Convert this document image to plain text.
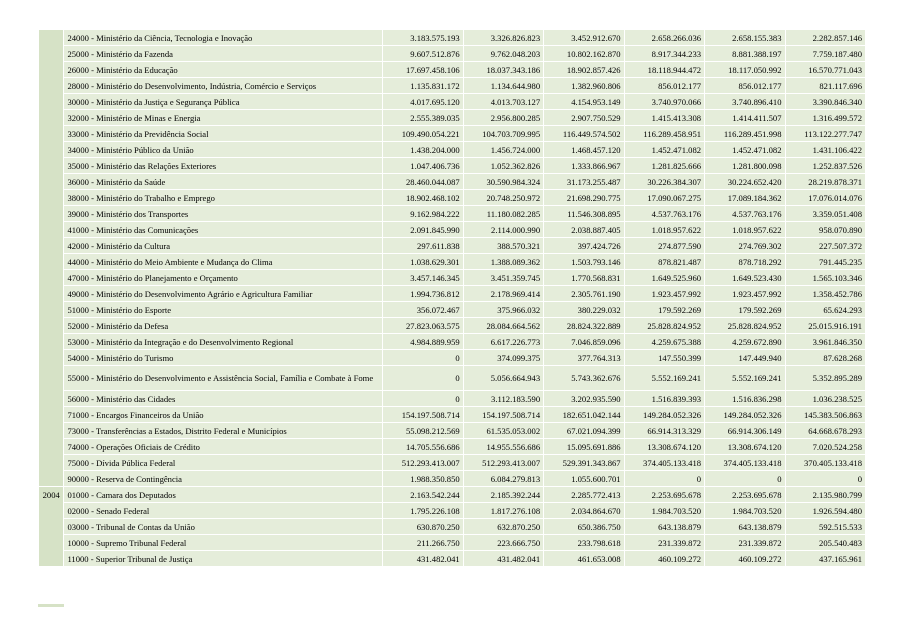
	24000 - Ministério da Ciência, Tecnologia e Inovação	3.183.575.193	3.326.826.823	3.452.912.670	2.658.266.036	2.658.155.383	2.282.857.146
	25000 - Ministério da Fazenda	9.607.512.876	9.762.048.203	10.802.162.870	8.917.344.233	8.881.388.197	7.759.187.480
	26000 - Ministério da Educação	17.697.458.106	18.037.343.186	18.902.857.426	18.118.944.472	18.117.050.992	16.570.771.043
	28000 - Ministério do Desenvolvimento, Indústria, Comércio e Serviços	1.135.831.172	1.134.644.980	1.382.960.806	856.012.177	856.012.177	821.117.696
	30000 - Ministério da Justiça e Segurança Pública	4.017.695.120	4.013.703.127	4.154.953.149	3.740.970.066	3.740.896.410	3.390.846.340
	32000 - Ministério de Minas e Energia	2.555.389.035	2.956.800.285	2.907.750.529	1.415.413.308	1.414.411.507	1.316.499.572
	33000 - Ministério da Previdência Social	109.490.054.221	104.703.709.995	116.449.574.502	116.289.458.951	116.289.451.998	113.122.277.747
	34000 - Ministério Público da União	1.438.204.000	1.456.724.000	1.468.457.120	1.452.471.082	1.452.471.082	1.431.106.422
	35000 - Ministério das Relações Exteriores	1.047.406.736	1.052.362.826	1.333.866.967	1.281.825.666	1.281.800.098	1.252.837.526
	36000 - Ministério da Saúde	28.460.044.087	30.590.984.324	31.173.255.487	30.226.384.307	30.224.652.420	28.219.878.371
	38000 - Ministério do Trabalho e Emprego	18.902.468.102	20.748.250.972	21.698.290.775	17.090.067.275	17.089.184.362	17.076.014.076
	39000 - Ministério dos Transportes	9.162.984.222	11.180.082.285	11.546.308.895	4.537.763.176	4.537.763.176	3.359.051.408
	41000 - Ministério das Comunicações	2.091.845.990	2.114.000.990	2.038.887.405	1.018.957.622	1.018.957.622	958.070.890
	42000 - Ministério da Cultura	297.611.838	388.570.321	397.424.726	274.877.590	274.769.302	227.507.372
	44000 - Ministério do Meio Ambiente e Mudança do Clima	1.038.629.301	1.388.089.362	1.503.793.146	878.821.487	878.718.292	791.445.235
	47000 - Ministério do Planejamento e Orçamento	3.457.146.345	3.451.359.745	1.770.568.831	1.649.525.960	1.649.523.430	1.565.103.346
	49000 - Ministério do Desenvolvimento Agrário e Agricultura Familiar	1.994.736.812	2.178.969.414	2.305.761.190	1.923.457.992	1.923.457.992	1.358.452.786
	51000 - Ministério do Esporte	356.072.467	375.966.032	380.229.032	179.592.269	179.592.269	65.624.293
	52000 - Ministério da Defesa	27.823.063.575	28.084.664.562	28.824.322.889	25.828.824.952	25.828.824.952	25.015.916.191
	53000 - Ministério da Integração e do Desenvolvimento Regional	4.984.889.959	6.617.226.773	7.046.859.096	4.259.675.388	4.259.672.890	3.961.846.350
	54000 - Ministério do Turismo	0	374.099.375	377.764.313	147.550.399	147.449.940	87.628.268
	55000 - Ministério do Desenvolvimento e Assistência Social, Família e Combate à Fome	0	5.056.664.943	5.743.362.676	5.552.169.241	5.552.169.241	5.352.895.289
	56000 - Ministério das Cidades	0	3.112.183.590	3.202.935.590	1.516.839.393	1.516.836.298	1.036.238.525
	71000 - Encargos Financeiros da União	154.197.508.714	154.197.508.714	182.651.042.144	149.284.052.326	149.284.052.326	145.383.506.863
	73000 - Transferências a Estados, Distrito Federal e Municípios	55.098.212.569	61.535.053.002	67.021.094.399	66.914.313.329	66.914.306.149	64.668.678.293
	74000 - Operações Oficiais de Crédito	14.705.556.686	14.955.556.686	15.095.691.886	13.308.674.120	13.308.674.120	7.020.524.258
	75000 - Dívida Pública Federal	512.293.413.007	512.293.413.007	529.391.343.867	374.405.133.418	374.405.133.418	370.405.133.418
	90000 - Reserva de Contingência	1.988.350.850	6.084.279.813	1.055.600.701	0	0	0
2004	01000 - Camara dos Deputados	2.163.542.244	2.185.392.244	2.285.772.413	2.253.695.678	2.253.695.678	2.135.980.799
	02000 - Senado Federal	1.795.226.108	1.817.276.108	2.034.864.670	1.984.703.520	1.984.703.520	1.926.594.480
	03000 - Tribunal de Contas da União	630.870.250	632.870.250	650.386.750	643.138.879	643.138.879	592.515.533
	10000 - Supremo Tribunal Federal	211.266.750	223.666.750	233.798.618	231.339.872	231.339.872	205.540.483
	11000 - Superior Tribunal de Justiça	431.482.041	431.482.041	461.653.008	460.109.272	460.109.272	437.165.961
